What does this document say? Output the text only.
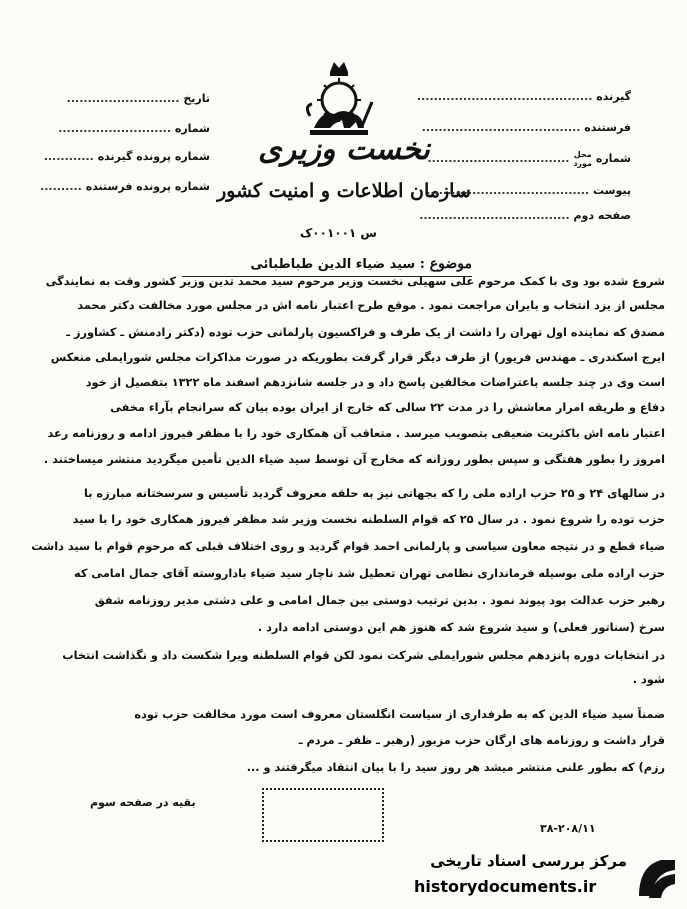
نخست وزیری
سازمان اطلاعات و امنیت کشور
س ۰۰۱۰۰۱ک
گیرنده ..........................................
فرستنده ......................................
شماره محل
مورد ..................................
پیوست .......................................
صفحه دوم ....................................
تاریخ ...........................
شماره ...........................
شماره پرونده گیرنده ............
شماره پرونده فرستنده ..........
موضوع : سید ضیاء الدین طباطبائی
شروع شده بود وی با کمک مرحوم علی سهیلی نخست وزیر مرحوم سید محمد تدین وزیر کشور وقت به نمایندگی
مجلس از یزد انتخاب و بایران مراجعت نمود . موقع طرح اعتبار نامه اش در مجلس مورد مخالفت دکتر محمد
مصدق که نماینده اول تهران را داشت از یک طرف و فراکسیون پارلمانی حزب توده (دکتر رادمنش ـ کشاورز ـ
ایرج اسکندری ـ مهندس فریور) از طرف دیگر قرار گرفت بطوریکه در صورت مذاکرات مجلس شورایملی منعکس
است وی در چند جلسه باعتراضات مخالفین پاسخ داد و در جلسه شانزدهم اسفند ماه ۱۳۲۲ بتفصیل از خود
دفاع و طریقه امرار معاشش را در مدت ۲۲ سالی که خارج از ایران بوده بیان که سرانجام بآراء مخفی
اعتبار نامه اش باکثریت ضعیفی بتصویب میرسد . متعاقب آن همکاری خود را با مظفر فیروز ادامه و روزنامه رعد
امروز را بطور هفتگی و سپس بطور روزانه که مخارج آن توسط سید ضیاء الدین تأمین میگردید منتشر میساختند .
در سالهای ۲۴ و ۲۵ حزب اراده ملی را که بجهاتی نیز به حلقه معروف گردید تأسیس و سرسختانه مبارزه با
حزب توده را شروع نمود . در سال ۲۵ که قوام السلطنه نخست وزیر شد مظفر فیروز همکاری خود را با سید
ضیاء قطع و در نتیجه معاون سیاسی و پارلمانی احمد قوام گردید و روی اختلاف قبلی که مرحوم قوام با سید داشت
حزب اراده ملی بوسیله فرمانداری نظامی تهران تعطیل شد ناچار سید ضیاء باداروسته آقای جمال امامی که
رهبر حزب عدالت بود پیوند نمود . بدین ترتیب دوستی بین جمال امامی و علی دشتی مدیر روزنامه شفق
سرخ (سناتور فعلی) و سید شروع شد که هنوز هم این دوستی ادامه دارد .
در انتخابات دوره پانزدهم مجلس شورایملی شرکت نمود لکن قوام السلطنه ویرا شکست داد و نگذاشت انتخاب
شود .
ضمناً سید ضیاء الدین که به طرفداری از سیاست انگلستان معروف است مورد مخالفت حزب توده
قرار داشت و روزنامه های ارگان حزب مزبور (رهبر ـ ظفر ـ مردم ـ
رزم) که بطور علنی منتشر میشد هر روز سید را با بیان انتقاد میگرفتند و ...
بقیه در صفحه سوم
۳۸-۲۰۸/۱۱
مرکز بررسی اسناد تاریخی
historydocuments.ir
